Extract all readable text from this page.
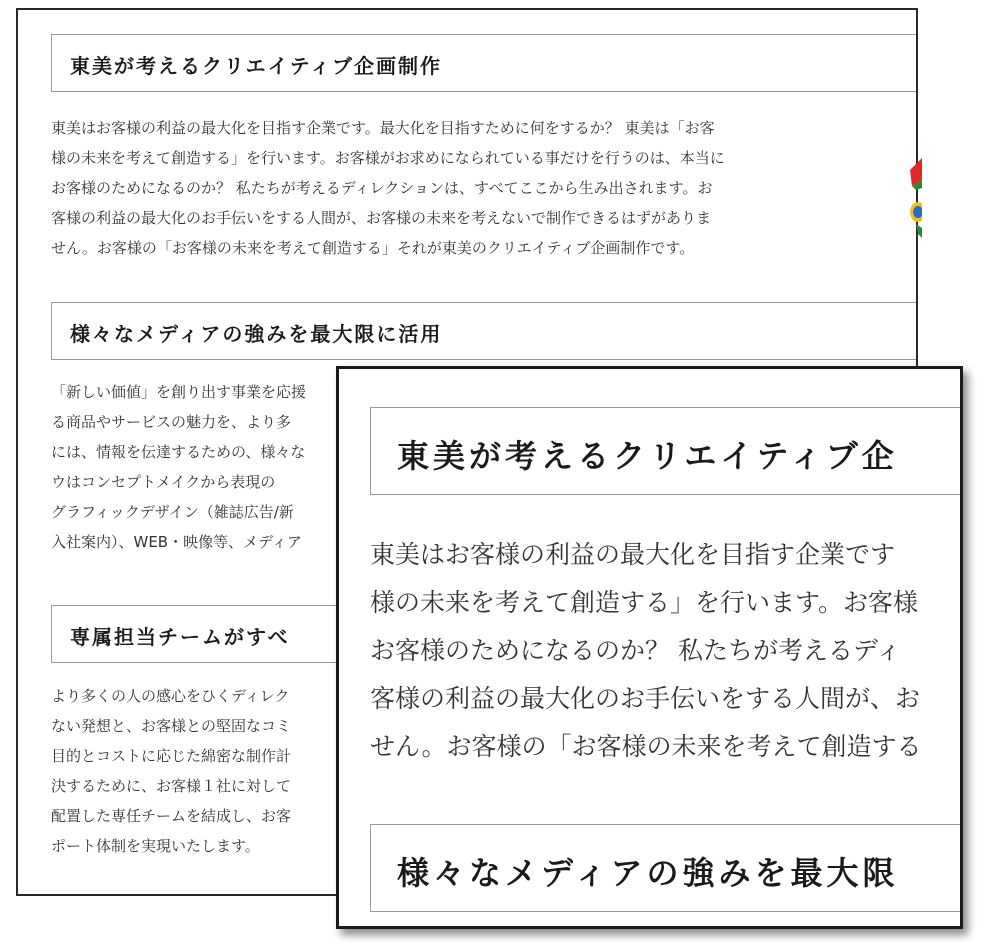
東美が考えるクリエイティブ企画制作

東美はお客様の利益の最大化を目指す企業です。最大化を目指すために何をするか？ 東美は「お客

様の未来を考えて創造する」を行います。お客様がお求めになられている事だけを行うのは、本当に

お客様のためになるのか？ 私たちが考えるディレクションは、すべてここから生み出されます。お

客様の利益の最大化のお手伝いをする人間が、お客様の未来を考えないで制作できるはずがありま

せん。お客様の「お客様の未来を考えて創造する」それが東美のクリエイティブ企画制作です。

様々なメディアの強みを最大限に活用

「新しい価値」を創り出す事業を応援

る商品やサービスの魅力を、より多

には、情報を伝達するための、様々な

ウはコンセプトメイクから表現の

グラフィックデザイン（雑誌広告/新

入社案内）、WEB・映像等、メディア

専属担当チームがすべ

より多くの人の感心をひくディレク

ない発想と、お客様との堅固なコミ

目的とコストに応じた綿密な制作計

決するために、お客様１社に対して

配置した専任チームを結成し、お客

ポート体制を実現いたします。

東美が考えるクリエイティブ企

東美はお客様の利益の最大化を目指す企業です

様の未来を考えて創造する」を行います。お客様

お客様のためになるのか？ 私たちが考えるディ

客様の利益の最大化のお手伝いをする人間が、お

せん。お客様の「お客様の未来を考えて創造する

様々なメディアの強みを最大限
